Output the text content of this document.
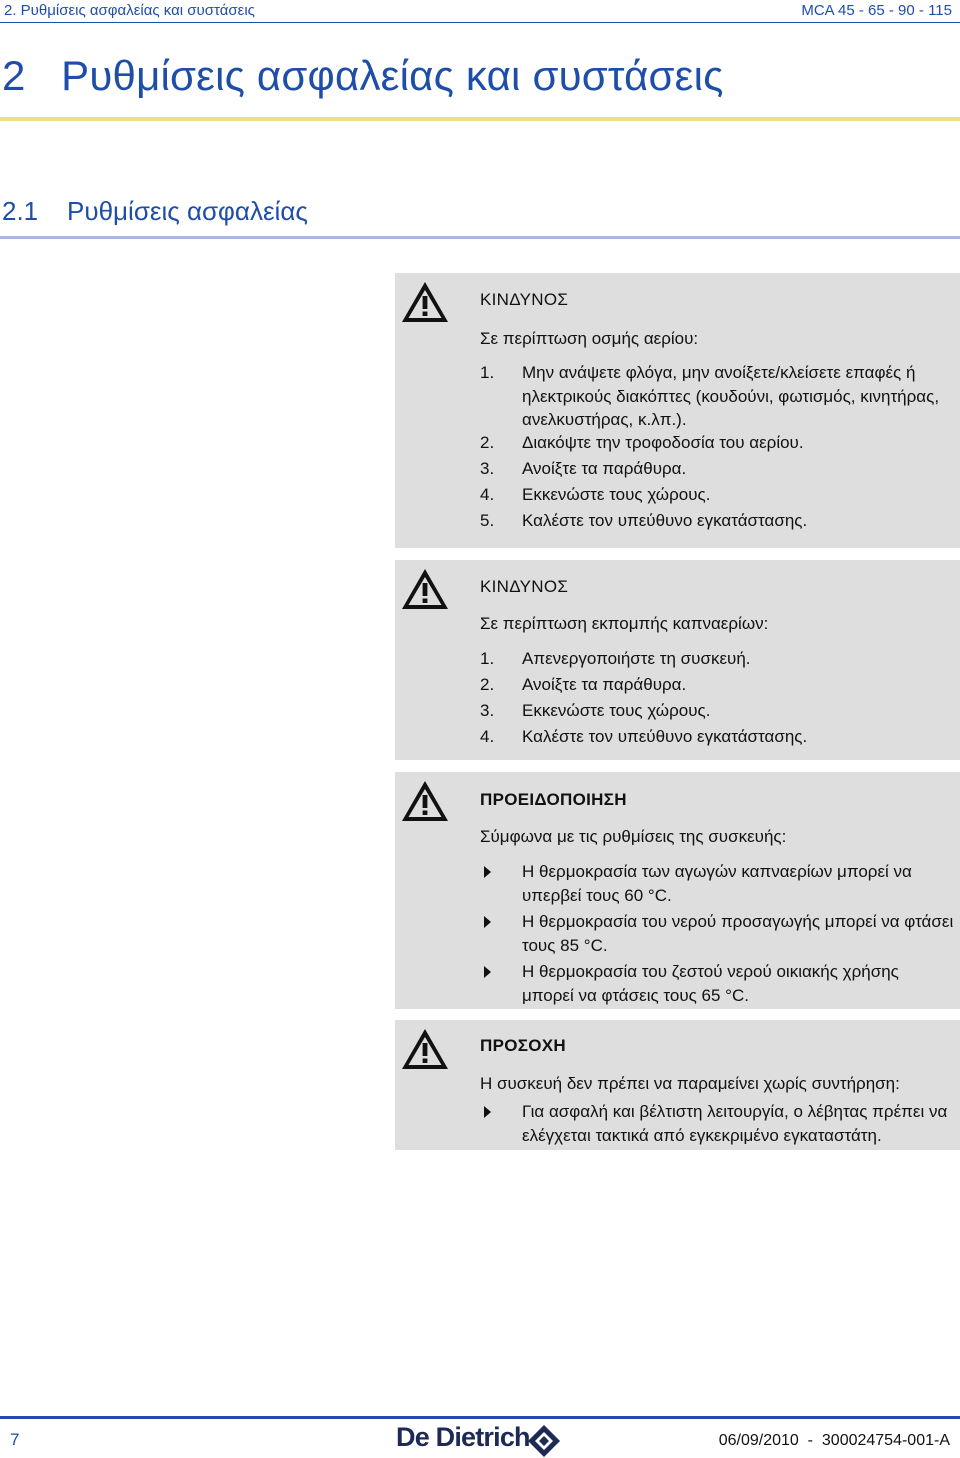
2. Ρυθμίσεις ασφαλείας και συστάσεις	MCA 45 - 65 - 90 - 115
2   Ρυθμίσεις ασφαλείας και συστάσεις
2.1    Ρυθμίσεις ασφαλείας
ΚΙΝΔΥΝΟΣ
Σε περίπτωση οσμής αερίου:
1. Μην ανάψετε φλόγα, μην ανοίξετε/κλείσετε επαφές ή ηλεκτρικούς διακόπτες (κουδούνι, φωτισμός, κινητήρας, ανελκυστήρας, κ.λπ.).
2. Διακόψτε την τροφοδοσία του αερίου.
3. Ανοίξτε τα παράθυρα.
4. Εκκενώστε τους χώρους.
5. Καλέστε τον υπεύθυνο εγκατάστασης.
ΚΙΝΔΥΝΟΣ
Σε περίπτωση εκπομπής καπναερίων:
1. Απενεργοποιήστε τη συσκευή.
2. Ανοίξτε τα παράθυρα.
3. Εκκενώστε τους χώρους.
4. Καλέστε τον υπεύθυνο εγκατάστασης.
ΠΡΟΕΙΔΟΠΟΙΗΣΗ
Σύμφωνα με τις ρυθμίσεις της συσκευής:
Η θερμοκρασία των αγωγών καπναερίων μπορεί να υπερβεί τους 60 °C.
Η θερμοκρασία του νερού προσαγωγής μπορεί να φτάσει τους 85 °C.
Η θερμοκρασία του ζεστού νερού οικιακής χρήσης μπορεί να φτάσεις τους 65 °C.
ΠΡΟΣΟΧΗ
Η συσκευή δεν πρέπει να παραμείνει χωρίς συντήρηση:
Για ασφαλή και βέλτιστη λειτουργία, ο λέβητας πρέπει να ελέγχεται τακτικά από εγκεκριμένο εγκαταστάτη.
7	De Dietrich	06/09/2010  -  300024754-001-A
